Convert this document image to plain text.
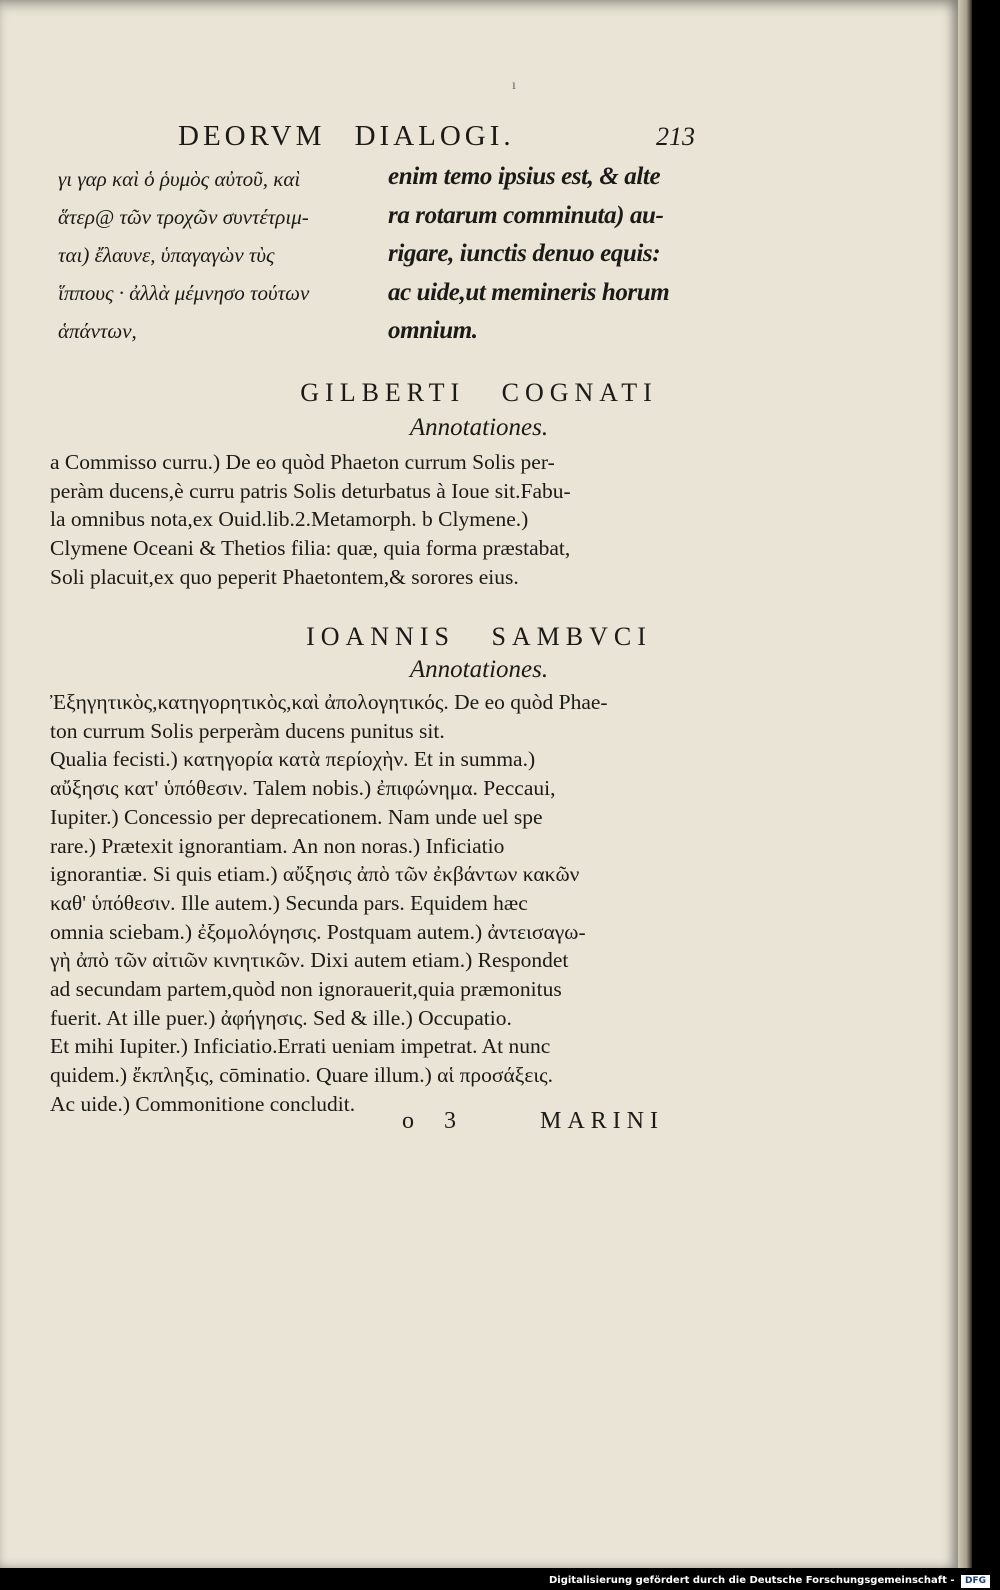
ı
DEORVM DIALOGI.	213
γι γαρ καὶ ὁ ῥυμὸς αὐτοῦ, καὶ
ἅτερ@ τῶν τροχῶν συντέτριμ-
ται) ἔλαυνε, ὑπαγαγὼν τὺς
ἵππους · ἀλλὰ μέμνησο τούτων
ἁπάντων,
enim temo ipsius est, & alte
ra rotarum comminuta) au-
rigare, iunctis denuo equis:
ac uide,ut memineris horum
omnium.
GILBERTI COGNATI
Annotationes.
a Commisso curru.) De eo quòd Phaeton currum Solis per-
peràm ducens,è curru patris Solis deturbatus à Ioue sit.Fabu-
la omnibus nota,ex Ouid.lib.2.Metamorph. b Clymene.)
Clymene Oceani & Thetios filia: quæ, quia forma præstabat,
Soli placuit,ex quo peperit Phaetontem,& sorores eius.
IOANNIS SAMBVCI
Annotationes.
Ἐξηγητικὸς,κατηγορητικὸς,καὶ ἀπολογητικός. De eo quòd Phae-
ton currum Solis perperàm ducens punitus sit.
Qualia fecisti.) κατηγορία κατὰ περίοχὴν. Et in summa.)
αὔξησις κατ' ὑπόθεσιν. Talem nobis.) ἐπιφώνημα. Peccaui,
Iupiter.) Concessio per deprecationem. Nam unde uel spe
rare.) Prætexit ignorantiam. An non noras.) Inficiatio
ignorantiæ. Si quis etiam.) αὔξησις ἀπὸ τῶν ἐκβάντων κακῶν
καθ' ὑπόθεσιν. Ille autem.) Secunda pars. Equidem hæc
omnia sciebam.) ἐξομολόγησις. Postquam autem.) ἀντεισαγω-
γὴ ἀπὸ τῶν αἰτιῶν κινητικῶν. Dixi autem etiam.) Respondet
ad secundam partem,quòd non ignorauerit,quia præmonitus
fuerit. At ille puer.) ἀφήγησις. Sed & ille.) Occupatio.
Et mihi Iupiter.) Inficiatio.Errati ueniam impetrat. At nunc
quidem.) ἔκπληξις, cōminatio. Quare illum.) αἱ προσάξεις.
Ac uide.) Commonitione concludit.
o 3	MARINI
Digitalisierung gefördert durch die Deutsche Forschungsgemeinschaft - DFG
